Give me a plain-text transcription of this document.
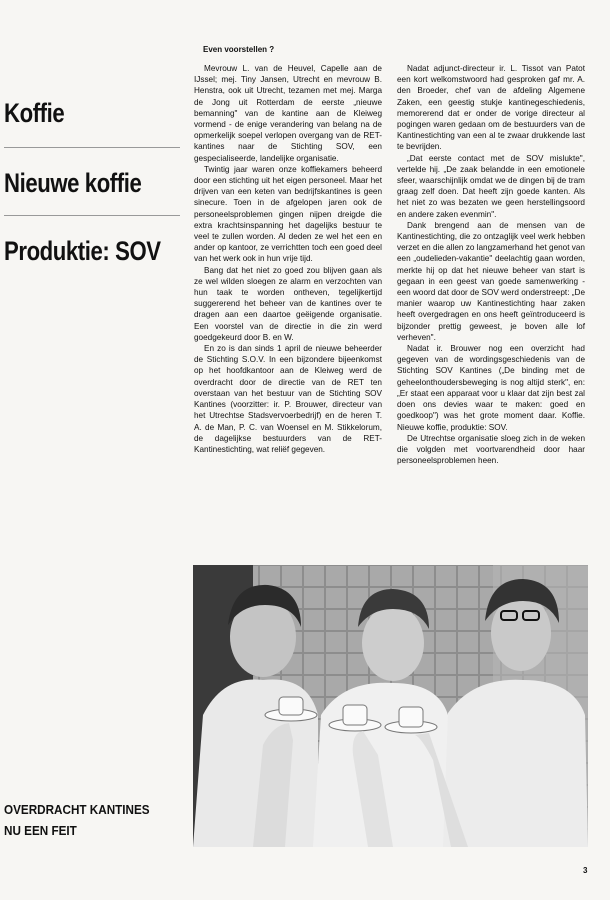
Koffie
Nieuwe koffie
Produktie: SOV
Even voorstellen ?

Mevrouw L. van de Heuvel, Capelle aan de IJssel; mej. Tiny Jansen, Utrecht en mevrouw B. Henstra, ook uit Utrecht, tezamen met mej. Marga de Jong uit Rotterdam de eerste „nieuwe bemanning" van de kantine aan de Kleiweg vormend - de enige verandering van belang na de opmerkelijk soepel verlopen overgang van de RET-kantines naar de Stichting SOV, een gespecialiseerde, landelijke organisatie.

Twintig jaar waren onze koffiekamers beheerd door een stichting uit het eigen personeel. Maar het drijven van een keten van bedrijfskantines is geen sinecure. Toen in de afgelopen jaren ook de personeelsproblemen gingen nijpen dreigde die extra krachtsinspanning het dagelijks bestuur te veel te zullen worden. Al deden ze wel het een en ander op kantoor, ze verrichtten toch een goed deel van het werk ook in hun vrije tijd.

Bang dat het niet zo goed zou blijven gaan als ze wel wilden sloegen ze alarm en verzochten van hun taak te worden ontheven, tegelijkertijd suggererend het beheer van de kantines over te dragen aan een daartoe geëigende organisatie. Een voorstel van de directie in die zin werd goedgekeurd door B. en W.

En zo is dan sinds 1 april de nieuwe beheerder de Stichting S.O.V. In een bijzondere bijeenkomst op het hoofdkantoor aan de Kleiweg werd de overdracht door de directie van de RET ten overstaan van het bestuur van de Stichting SOV Kantines (voorzitter: ir. P. Brouwer, directeur van het Utrechtse Stadsvervoerbedrijf) en de heren T. A. de Man, P. C. van Woensel en M. Stikkelorum, de dagelijkse bestuurders van de RET-Kantinestichting, wat reliëf gegeven.

Nadat adjunct-directeur ir. L. Tissot van Patot een kort welkomstwoord had gesproken gaf mr. A. den Broeder, chef van de afdeling Algemene Zaken, een geestig stukje kantinegeschiedenis, memorerend dat er onder de vorige directeur al pogingen waren gedaan om de bestuurders van de Kantinestichting van een al te zwaar drukkende last te bevrijden.

„Dat eerste contact met de SOV mislukte", vertelde hij. „De zaak belandde in een emotionele sfeer, waarschijnlijk omdat we de dingen bij de tram graag zelf doen. Dat heeft zijn goede kanten. Als het niet zo was bezaten we geen herstellingsoord en andere zaken evenmin".

Dank brengend aan de mensen van de Kantinestichting, die zo ontzaglijk veel werk hebben verzet en die allen zo langzamerhand het genot van een „oudelieden-vakantie" deelachtig gaan worden, merkte hij op dat het nieuwe beheer van start is gegaan in een geest van goede samenwerking - een woord dat door de SOV werd onderstreept: „De manier waarop uw Kantinestichting haar zaken heeft overgedragen en ons heeft geïntroduceerd is bijzonder prettig geweest, je boven alle lof verheven".

Nadat ir. Brouwer nog een overzicht had gegeven van de wordingsgeschiedenis van de Stichting SOV Kantines („De binding met de geheelonthoudersbeweging is nog altijd sterk", en: „Er staat een apparaat voor u klaar dat zijn best zal doen ons devies waar te maken: goed en goedkoop") was het grote moment daar. Koffie. Nieuwe koffie, produktie: SOV.

De Utrechtse organisatie sloeg zich in de weken die volgden met voortvarendheid door haar personeelsproblemen heen.

OVERDRACHT KANTINES
NU EEN FEIT
3
